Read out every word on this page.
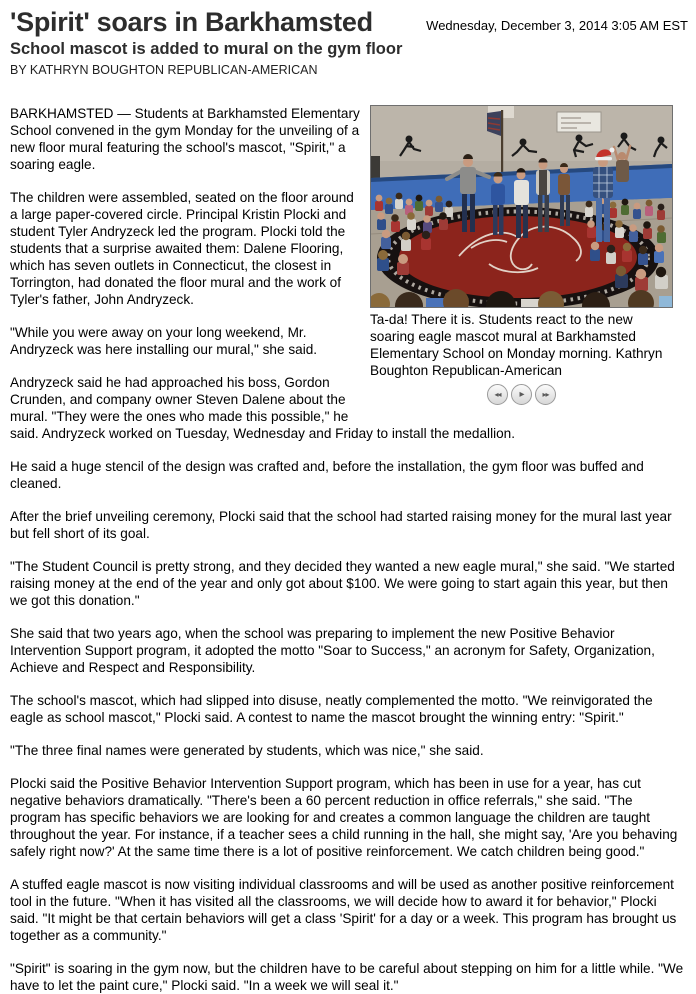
'Spirit' soars in Barkhamsted
School mascot is added to mural on the gym floor
BY KATHRYN BOUGHTON REPUBLICAN-AMERICAN
Wednesday, December 3, 2014 3:05 AM EST
Ta-da! There it is. Students react to the new soaring eagle mascot mural at Barkhamsted Elementary School on Monday morning. Kathryn Boughton Republican-American
◂◂ ▸ ▸▸

BARKHAMSTED — Students at Barkhamsted Elementary School convened in the gym Monday for the unveiling of a new floor mural featuring the school's mascot, "Spirit," a soaring eagle.

The children were assembled, seated on the floor around a large paper-covered circle. Principal Kristin Plocki and student Tyler Andryzeck led the program. Plocki told the students that a surprise awaited them: Dalene Flooring, which has seven outlets in Connecticut, the closest in Torrington, had donated the floor mural and the work of Tyler's father, John Andryzeck.

"While you were away on your long weekend, Mr. Andryzeck was here installing our mural," she said.

Andryzeck said he had approached his boss, Gordon Crunden, and company owner Steven Dalene about the mural. "They were the ones who made this possible," he said. Andryzeck worked on Tuesday, Wednesday and Friday to install the medallion.

He said a huge stencil of the design was crafted and, before the installation, the gym floor was buffed and cleaned.

After the brief unveiling ceremony, Plocki said that the school had started raising money for the mural last year but fell short of its goal.

"The Student Council is pretty strong, and they decided they wanted a new eagle mural," she said. "We started raising money at the end of the year and only got about $100. We were going to start again this year, but then we got this donation."

She said that two years ago, when the school was preparing to implement the new Positive Behavior Intervention Support program, it adopted the motto "Soar to Success," an acronym for Safety, Organization, Achieve and Respect and Responsibility.

The school's mascot, which had slipped into disuse, neatly complemented the motto. "We reinvigorated the eagle as school mascot," Plocki said. A contest to name the mascot brought the winning entry: "Spirit."

"The three final names were generated by students, which was nice," she said.

Plocki said the Positive Behavior Intervention Support program, which has been in use for a year, has cut negative behaviors dramatically. "There's been a 60 percent reduction in office referrals," she said. "The program has specific behaviors we are looking for and creates a common language the children are taught throughout the year. For instance, if a teacher sees a child running in the hall, she might say, 'Are you behaving safely right now?' At the same time there is a lot of positive reinforcement. We catch children being good."

A stuffed eagle mascot is now visiting individual classrooms and will be used as another positive reinforcement tool in the future. "When it has visited all the classrooms, we will decide how to award it for behavior," Plocki said. "It might be that certain behaviors will get a class 'Spirit' for a day or a week. This program has brought us together as a community."

"Spirit" is soaring in the gym now, but the children have to be careful about stepping on him for a little while. "We have to let the paint cure," Plocki said. "In a week we will seal it."
